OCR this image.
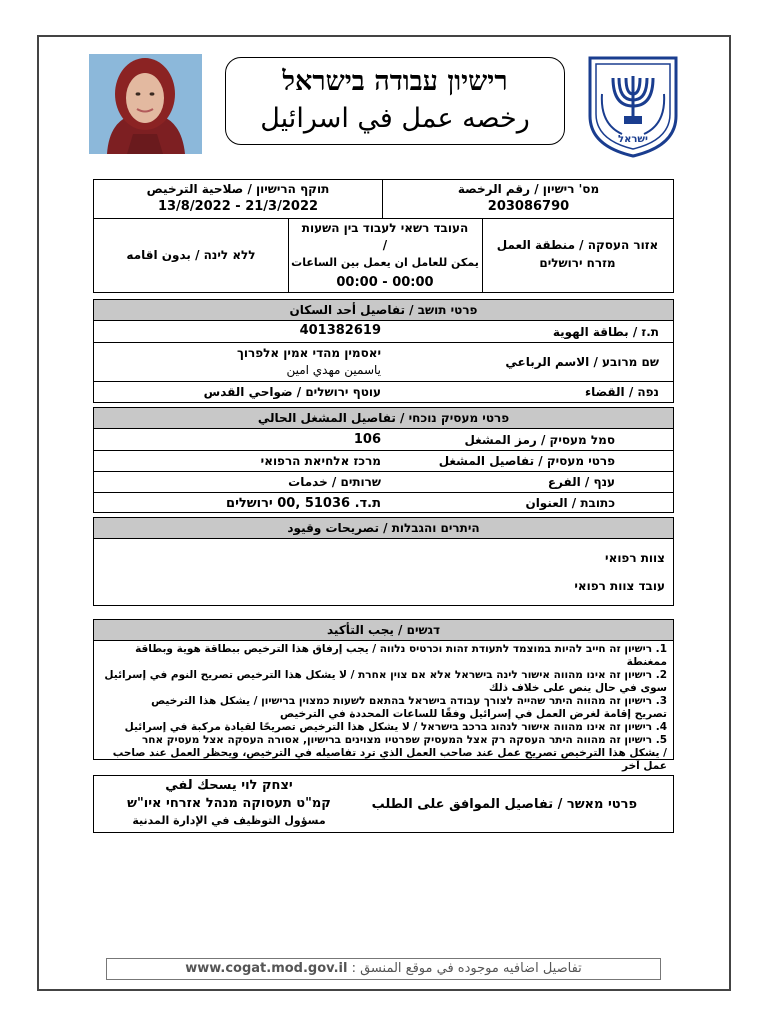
רישיון עבודה בישראל
رخصه عمل في اسرائيل
ישראל
מס' רישיון / رقم الرخصة
203086790
תוקף הרישיון / صلاحية الترخيص
21/3/2022 - 13/8/2022
אזור העסקה / منطقة العمل
מזרח ירושלים
העובד רשאי לעבוד בין השעות
/
يمكن للعامل ان يعمل بين الساعات
00:00 - 00:00
ללא לינה / بدون اقامه
פרטי תושב / تفاصيل أحد السكان
ת.ז / بطاقة الهوية
401382619
שם מרובע / الاسم الرباعي
יאסמין מהדי אמין אלפרוך
ياسمين مهدي امين
נפה / القضاء
עוטף ירושלים / ضواحي القدس
פרטי מעסיק נוכחי / تفاصيل المشغل الحالي
סמל מעסיק / رمز المشغل
106
פרטי מעסיק / تفاصيل المشغل
מרכז אלחיאת הרפואי
ענף / الفرع
שרותים / خدمات
כתובת / العنوان
ת.ד. 51036 ,00 ירושלים
היתרים והגבלות / تصريحات وقيود
צוות רפואי
עובד צוות רפואי
דגשים / يجب التأكيد
1. רישיון זה חייב להיות במוצמד לתעודת זהות וכרטיס נלווה / يجب إرفاق هذا الترخيص ببطاقة هوية وبطاقة ممغنطة
2. רישיון זה אינו מהווה אישור לינה בישראל אלא אם צוין אחרת / لا يشكل هذا الترخيص تصريح النوم في إسرائيل
سوى في حال ينص على خلاف ذلك
3. רישיון זה מהווה היתר שהייה לצורך עבודה בישראל בהתאם לשעות כמצוין ברישיון / يشكل هذا الترخيص
تصريح إقامة لغرض العمل في إسرائيل وفقًا للساعات المحددة في الترخيص
4. רישיון זה אינו מהווה אישור לנהוג ברכב בישראל / لا يشكل هذا الترخيص تصريحًا لقيادة مركبة في إسرائيل
5. רישיון זה מהווה היתר העסקה רק אצל המעסיק שפרטיו מצוינים ברישיון, אסורה העסקה אצל מעסיק אחר
/ يشكل هذا الترخيص تصريح عمل عند صاحب العمل الذي ترد تفاصيله في الترخيص، ويحظر العمل عند صاحب عمل آخر
פרטי מאשר / تفاصيل الموافق على الطلب
יצחק לוי يسحك لفي
קמ"ט תעסוקה מנהל אזרחי איו"ש
مسؤول التوظيف في الإدارة المدنية
تفاصيل اضافيه موجوده في موقع المنسق : www.cogat.mod.gov.il
